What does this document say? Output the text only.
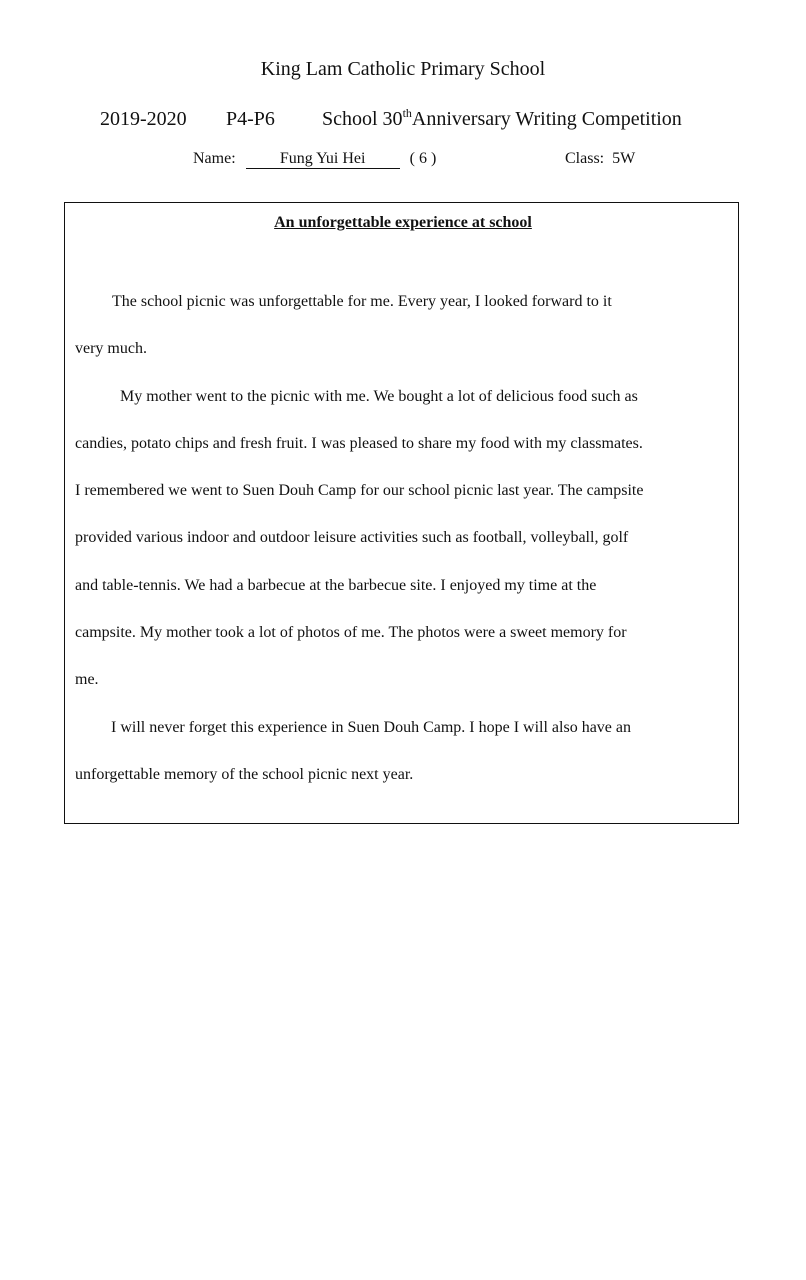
King Lam Catholic Primary School
2019-2020 P4-P6 School 30thAnniversary Writing Competition
Name:	Fung Yui Hei	( 6 )	Class: 5W
An unforgettable experience at school
The school picnic was unforgettable for me. Every year, I looked forward to it
very much.
My mother went to the picnic with me. We bought a lot of delicious food such as
candies, potato chips and fresh fruit. I was pleased to share my food with my classmates.
I remembered we went to Suen Douh Camp for our school picnic last year. The campsite
provided various indoor and outdoor leisure activities such as football, volleyball, golf
and table-tennis. We had a barbecue at the barbecue site. I enjoyed my time at the
campsite. My mother took a lot of photos of me. The photos were a sweet memory for
me.
I will never forget this experience in Suen Douh Camp. I hope I will also have an
unforgettable memory of the school picnic next year.
